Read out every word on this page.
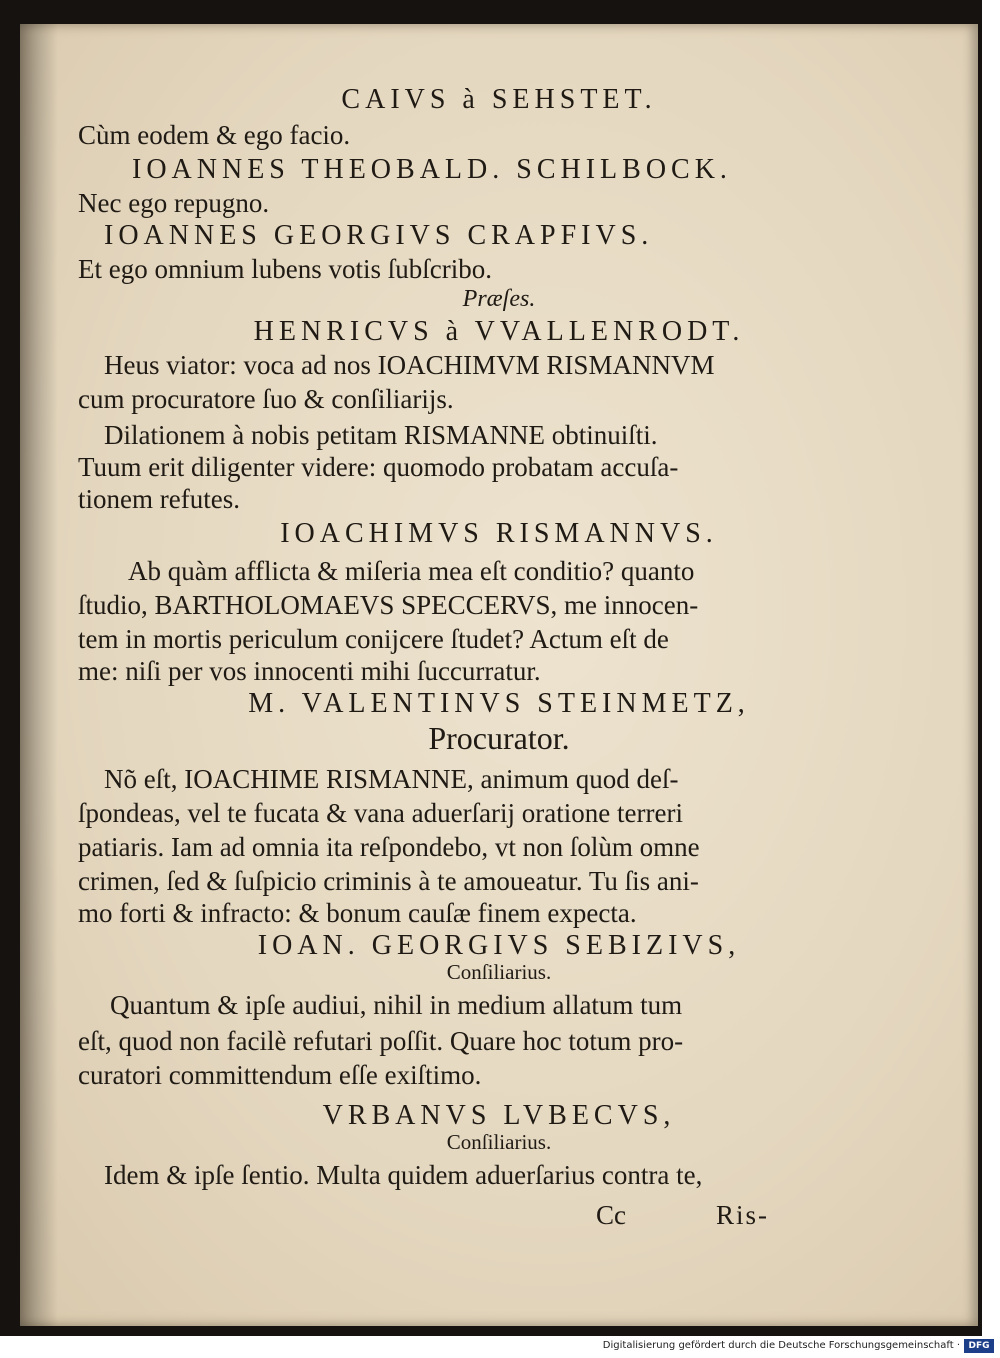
CAIVS à SEHSTET.
Cùm eodem & ego facio.
IOANNES THEOBALD. SCHILBOCK.
Nec ego repugno.
IOANNES GEORGIVS CRAPFIVS.
Et ego omnium lubens votis ſubſcribo.
Præſes.
HENRICVS à VVALLENRODT.
Heus viator: voca ad nos IOACHIMVM RISMANNVM
cum procuratore ſuo & conſiliarijs.
Dilationem à nobis petitam RISMANNE obtinuiſti.
Tuum erit diligenter videre: quomodo probatam accuſa-
tionem refutes.
IOACHIMVS RISMANNVS.
Ab quàm afflicta & miſeria mea eſt conditio? quanto
ſtudio, BARTHOLOMAEVS SPECCERVS, me innocen-
tem in mortis periculum conijcere ſtudet? Actum eſt de
me: niſi per vos innocenti mihi ſuccurratur.
M. VALENTINVS STEINMETZ,
Procurator.
Nõ eſt, IOACHIME RISMANNE, animum quod deſ-
ſpondeas, vel te fucata & vana aduerſarij oratione terreri
patiaris. Iam ad omnia ita reſpondebo, vt non ſolùm omne
crimen, ſed & ſuſpicio criminis à te amoueatur. Tu ſis ani-
mo forti & infracto: & bonum cauſæ finem expecta.
IOAN. GEORGIVS SEBIZIVS,
Conſiliarius.
Quantum & ipſe audiui, nihil in medium allatum tum
eſt, quod non facilè refutari poſſit. Quare hoc totum pro-
curatori committendum eſſe exiſtimo.
VRBANVS LVBECVS,
Conſiliarius.
Idem & ipſe ſentio. Multa quidem aduerſarius contra te,
Cc	Ris-
Digitalisierung gefördert durch die Deutsche Forschungsgemeinschaft · DFG
